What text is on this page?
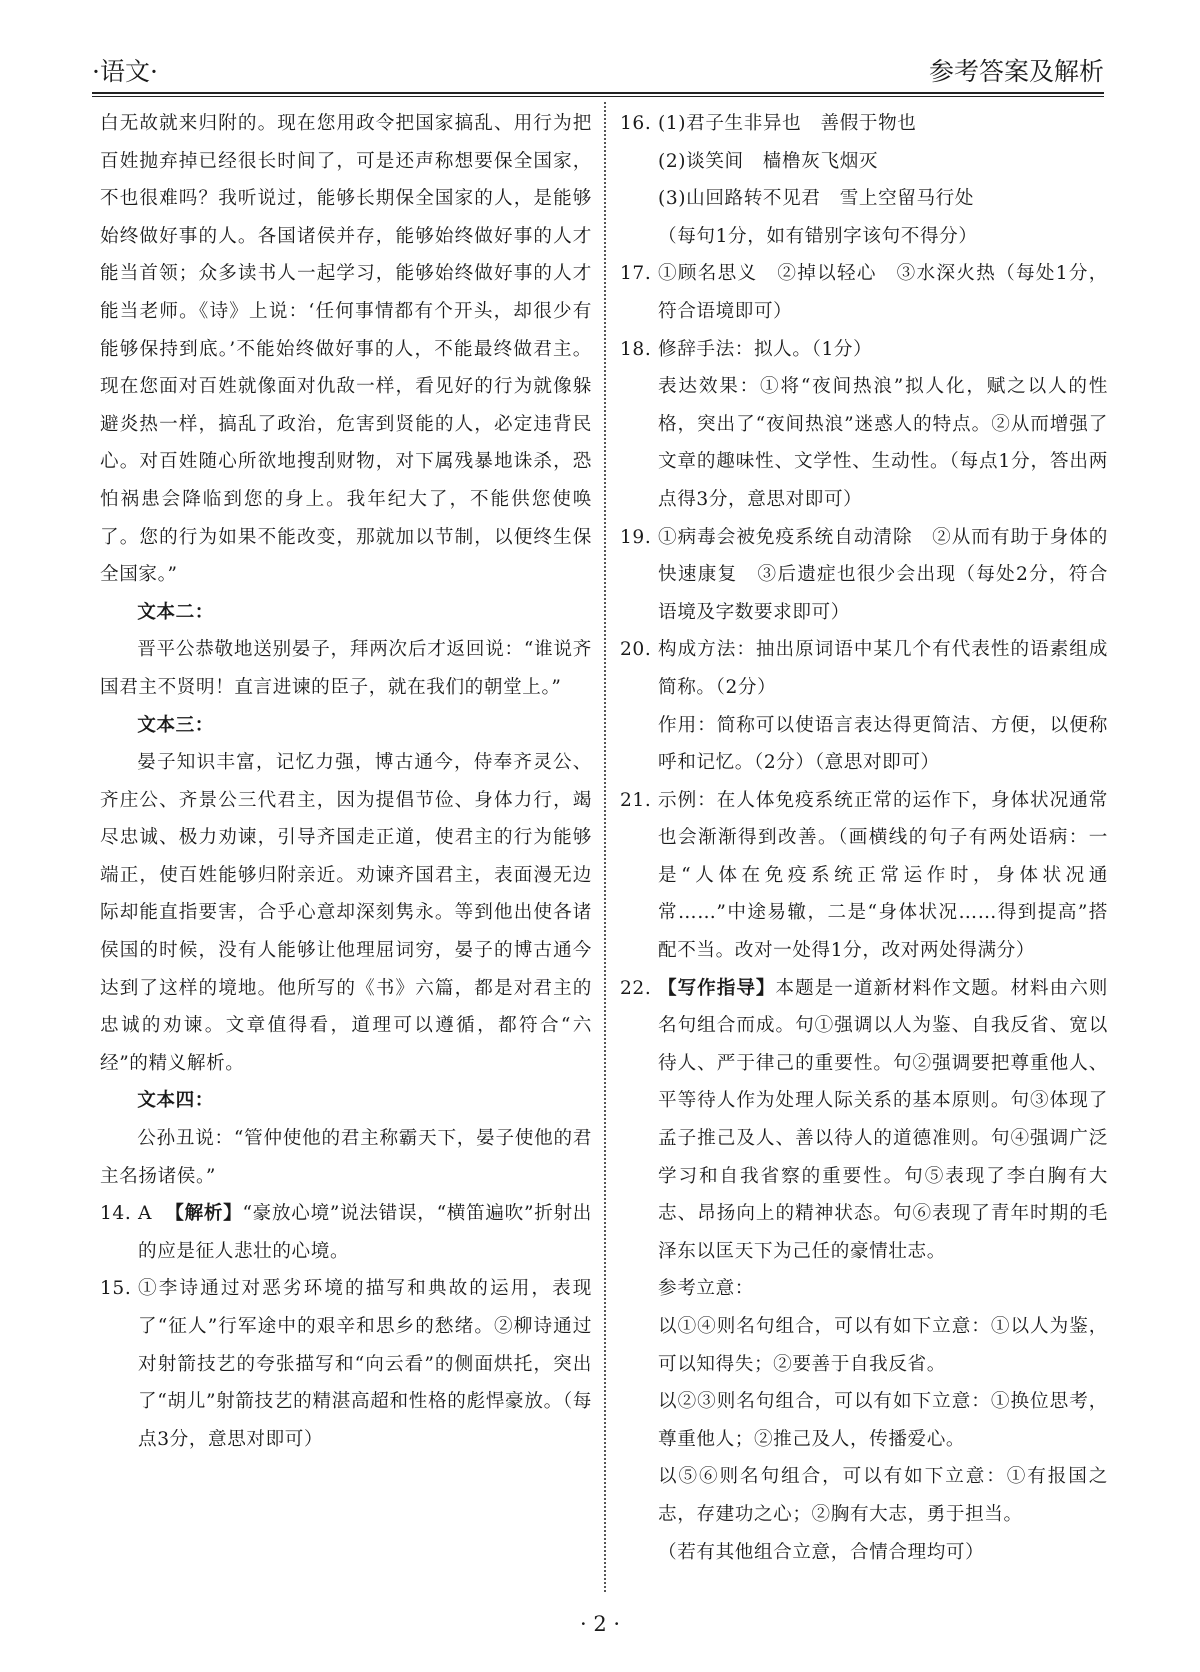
·语文·	参考答案及解析

白无故就来归附的。现在您用政令把国家搞乱、用行为把百姓抛弃掉已经很长时间了，可是还声称想要保全国家，不也很难吗？我听说过，能够长期保全国家的人，是能够始终做好事的人。各国诸侯并存，能够始终做好事的人才能当首领；众多读书人一起学习，能够始终做好事的人才能当老师。《诗》上说：‘任何事情都有个开头，却很少有能够保持到底。’不能始终做好事的人，不能最终做君主。现在您面对百姓就像面对仇敌一样，看见好的行为就像躲避炎热一样，搞乱了政治，危害到贤能的人，必定违背民心。对百姓随心所欲地搜刮财物，对下属残暴地诛杀，恐怕祸患会降临到您的身上。我年纪大了，不能供您使唤了。您的行为如果不能改变，那就加以节制，以便终生保全国家。”

文本二：

晋平公恭敬地送别晏子，拜两次后才返回说：“谁说齐国君主不贤明！直言进谏的臣子，就在我们的朝堂上。”

文本三：

晏子知识丰富，记忆力强，博古通今，侍奉齐灵公、齐庄公、齐景公三代君主，因为提倡节俭、身体力行，竭尽忠诚、极力劝谏，引导齐国走正道，使君主的行为能够端正，使百姓能够归附亲近。劝谏齐国君主，表面漫无边际却能直指要害，合乎心意却深刻隽永。等到他出使各诸侯国的时候，没有人能够让他理屈词穷，晏子的博古通今达到了这样的境地。他所写的《书》六篇，都是对君主的忠诚的劝谏。文章值得看，道理可以遵循，都符合“六经”的精义解析。

文本四：

公孙丑说：“管仲使他的君主称霸天下，晏子使他的君主名扬诸侯。”

14. A 【解析】“豪放心境”说法错误，“横笛遍吹”折射出的应是征人悲壮的心境。
15. ①李诗通过对恶劣环境的描写和典故的运用，表现了“征人”行军途中的艰辛和思乡的愁绪。②柳诗通过对射箭技艺的夸张描写和“向云看”的侧面烘托，突出了“胡儿”射箭技艺的精湛高超和性格的彪悍豪放。（每点3分，意思对即可）
16. (1)君子生非异也　善假于物也
(2)谈笑间　樯橹灰飞烟灭
(3)山回路转不见君　雪上空留马行处
（每句1分，如有错别字该句不得分）
17. ①顾名思义　②掉以轻心　③水深火热（每处1分，符合语境即可）
18. 修辞手法：拟人。（1分）
表达效果：①将“夜间热浪”拟人化，赋之以人的性格，突出了“夜间热浪”迷惑人的特点。②从而增强了文章的趣味性、文学性、生动性。（每点1分，答出两点得3分，意思对即可）
19. ①病毒会被免疫系统自动清除　②从而有助于身体的快速康复　③后遗症也很少会出现（每处2分，符合语境及字数要求即可）
20. 构成方法：抽出原词语中某几个有代表性的语素组成简称。（2分）
作用：简称可以使语言表达得更简洁、方便，以便称呼和记忆。（2分）（意思对即可）
21. 示例：在人体免疫系统正常的运作下，身体状况通常也会渐渐得到改善。（画横线的句子有两处语病：一是“人体在免疫系统正常运作时，身体状况通常……”中途易辙，二是“身体状况……得到提高”搭配不当。改对一处得1分，改对两处得满分）
22. 【写作指导】本题是一道新材料作文题。材料由六则名句组合而成。句①强调以人为鉴、自我反省、宽以待人、严于律己的重要性。句②强调要把尊重他人、平等待人作为处理人际关系的基本原则。句③体现了孟子推己及人、善以待人的道德准则。句④强调广泛学习和自我省察的重要性。句⑤表现了李白胸有大志、昂扬向上的精神状态。句⑥表现了青年时期的毛泽东以匡天下为己任的豪情壮志。
参考立意：
以①④则名句组合，可以有如下立意：①以人为鉴，可以知得失；②要善于自我反省。
以②③则名句组合，可以有如下立意：①换位思考，尊重他人；②推己及人，传播爱心。
以⑤⑥则名句组合，可以有如下立意：①有报国之志，存建功之心；②胸有大志，勇于担当。
（若有其他组合立意，合情合理均可）
· 2 ·
